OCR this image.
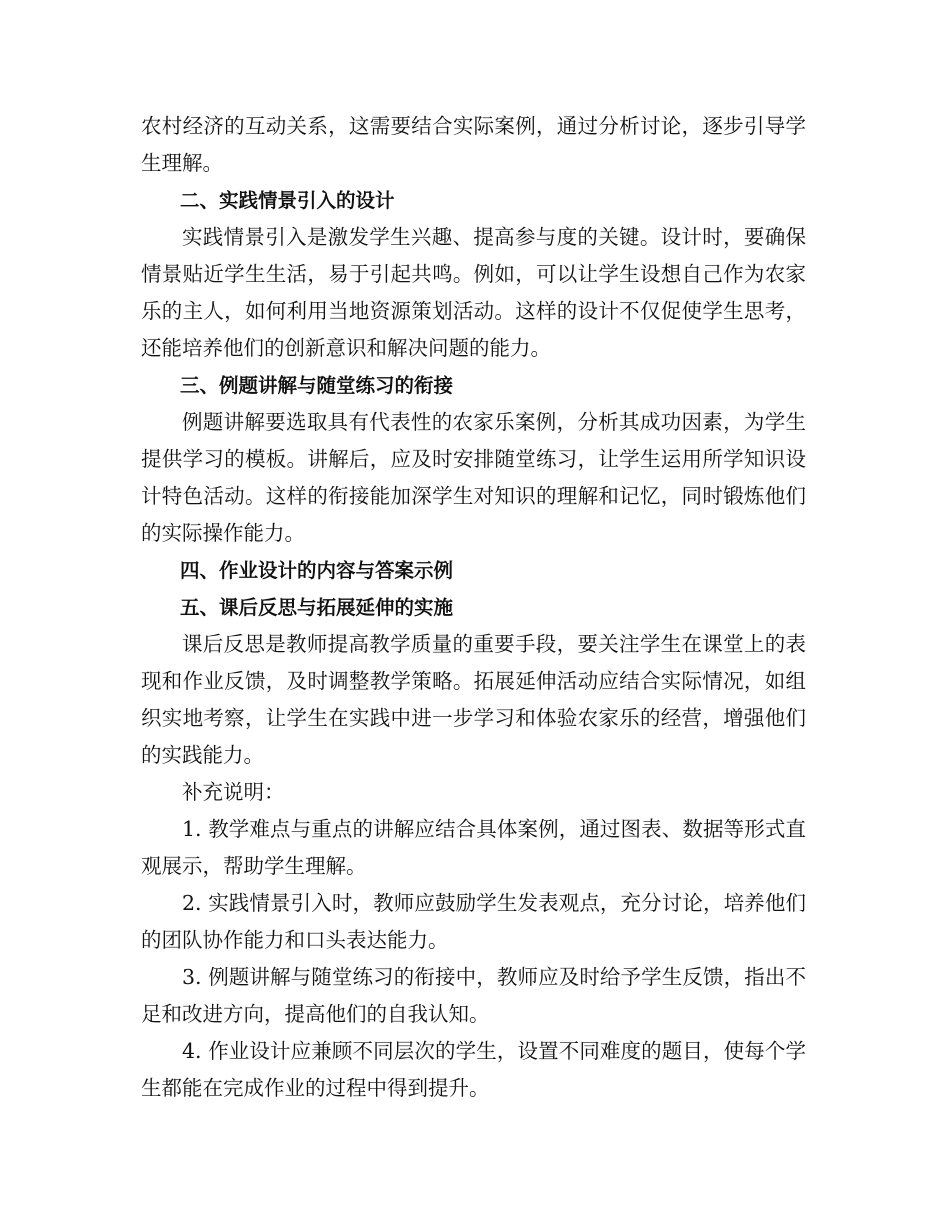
农村经济的互动关系，这需要结合实际案例，通过分析讨论，逐步引导学生理解。

二、实践情景引入的设计

实践情景引入是激发学生兴趣、提高参与度的关键。设计时，要确保情景贴近学生生活，易于引起共鸣。例如，可以让学生设想自己作为农家乐的主人，如何利用当地资源策划活动。这样的设计不仅促使学生思考，还能培养他们的创新意识和解决问题的能力。

三、例题讲解与随堂练习的衔接

例题讲解要选取具有代表性的农家乐案例，分析其成功因素，为学生提供学习的模板。讲解后，应及时安排随堂练习，让学生运用所学知识设计特色活动。这样的衔接能加深学生对知识的理解和记忆，同时锻炼他们的实际操作能力。

四、作业设计的内容与答案示例

五、课后反思与拓展延伸的实施

课后反思是教师提高教学质量的重要手段，要关注学生在课堂上的表现和作业反馈，及时调整教学策略。拓展延伸活动应结合实际情况，如组织实地考察，让学生在实践中进一步学习和体验农家乐的经营，增强他们的实践能力。

补充说明：

1. 教学难点与重点的讲解应结合具体案例，通过图表、数据等形式直观展示，帮助学生理解。

2. 实践情景引入时，教师应鼓励学生发表观点，充分讨论，培养他们的团队协作能力和口头表达能力。

3. 例题讲解与随堂练习的衔接中，教师应及时给予学生反馈，指出不足和改进方向，提高他们的自我认知。

4. 作业设计应兼顾不同层次的学生，设置不同难度的题目，使每个学生都能在完成作业的过程中得到提升。
